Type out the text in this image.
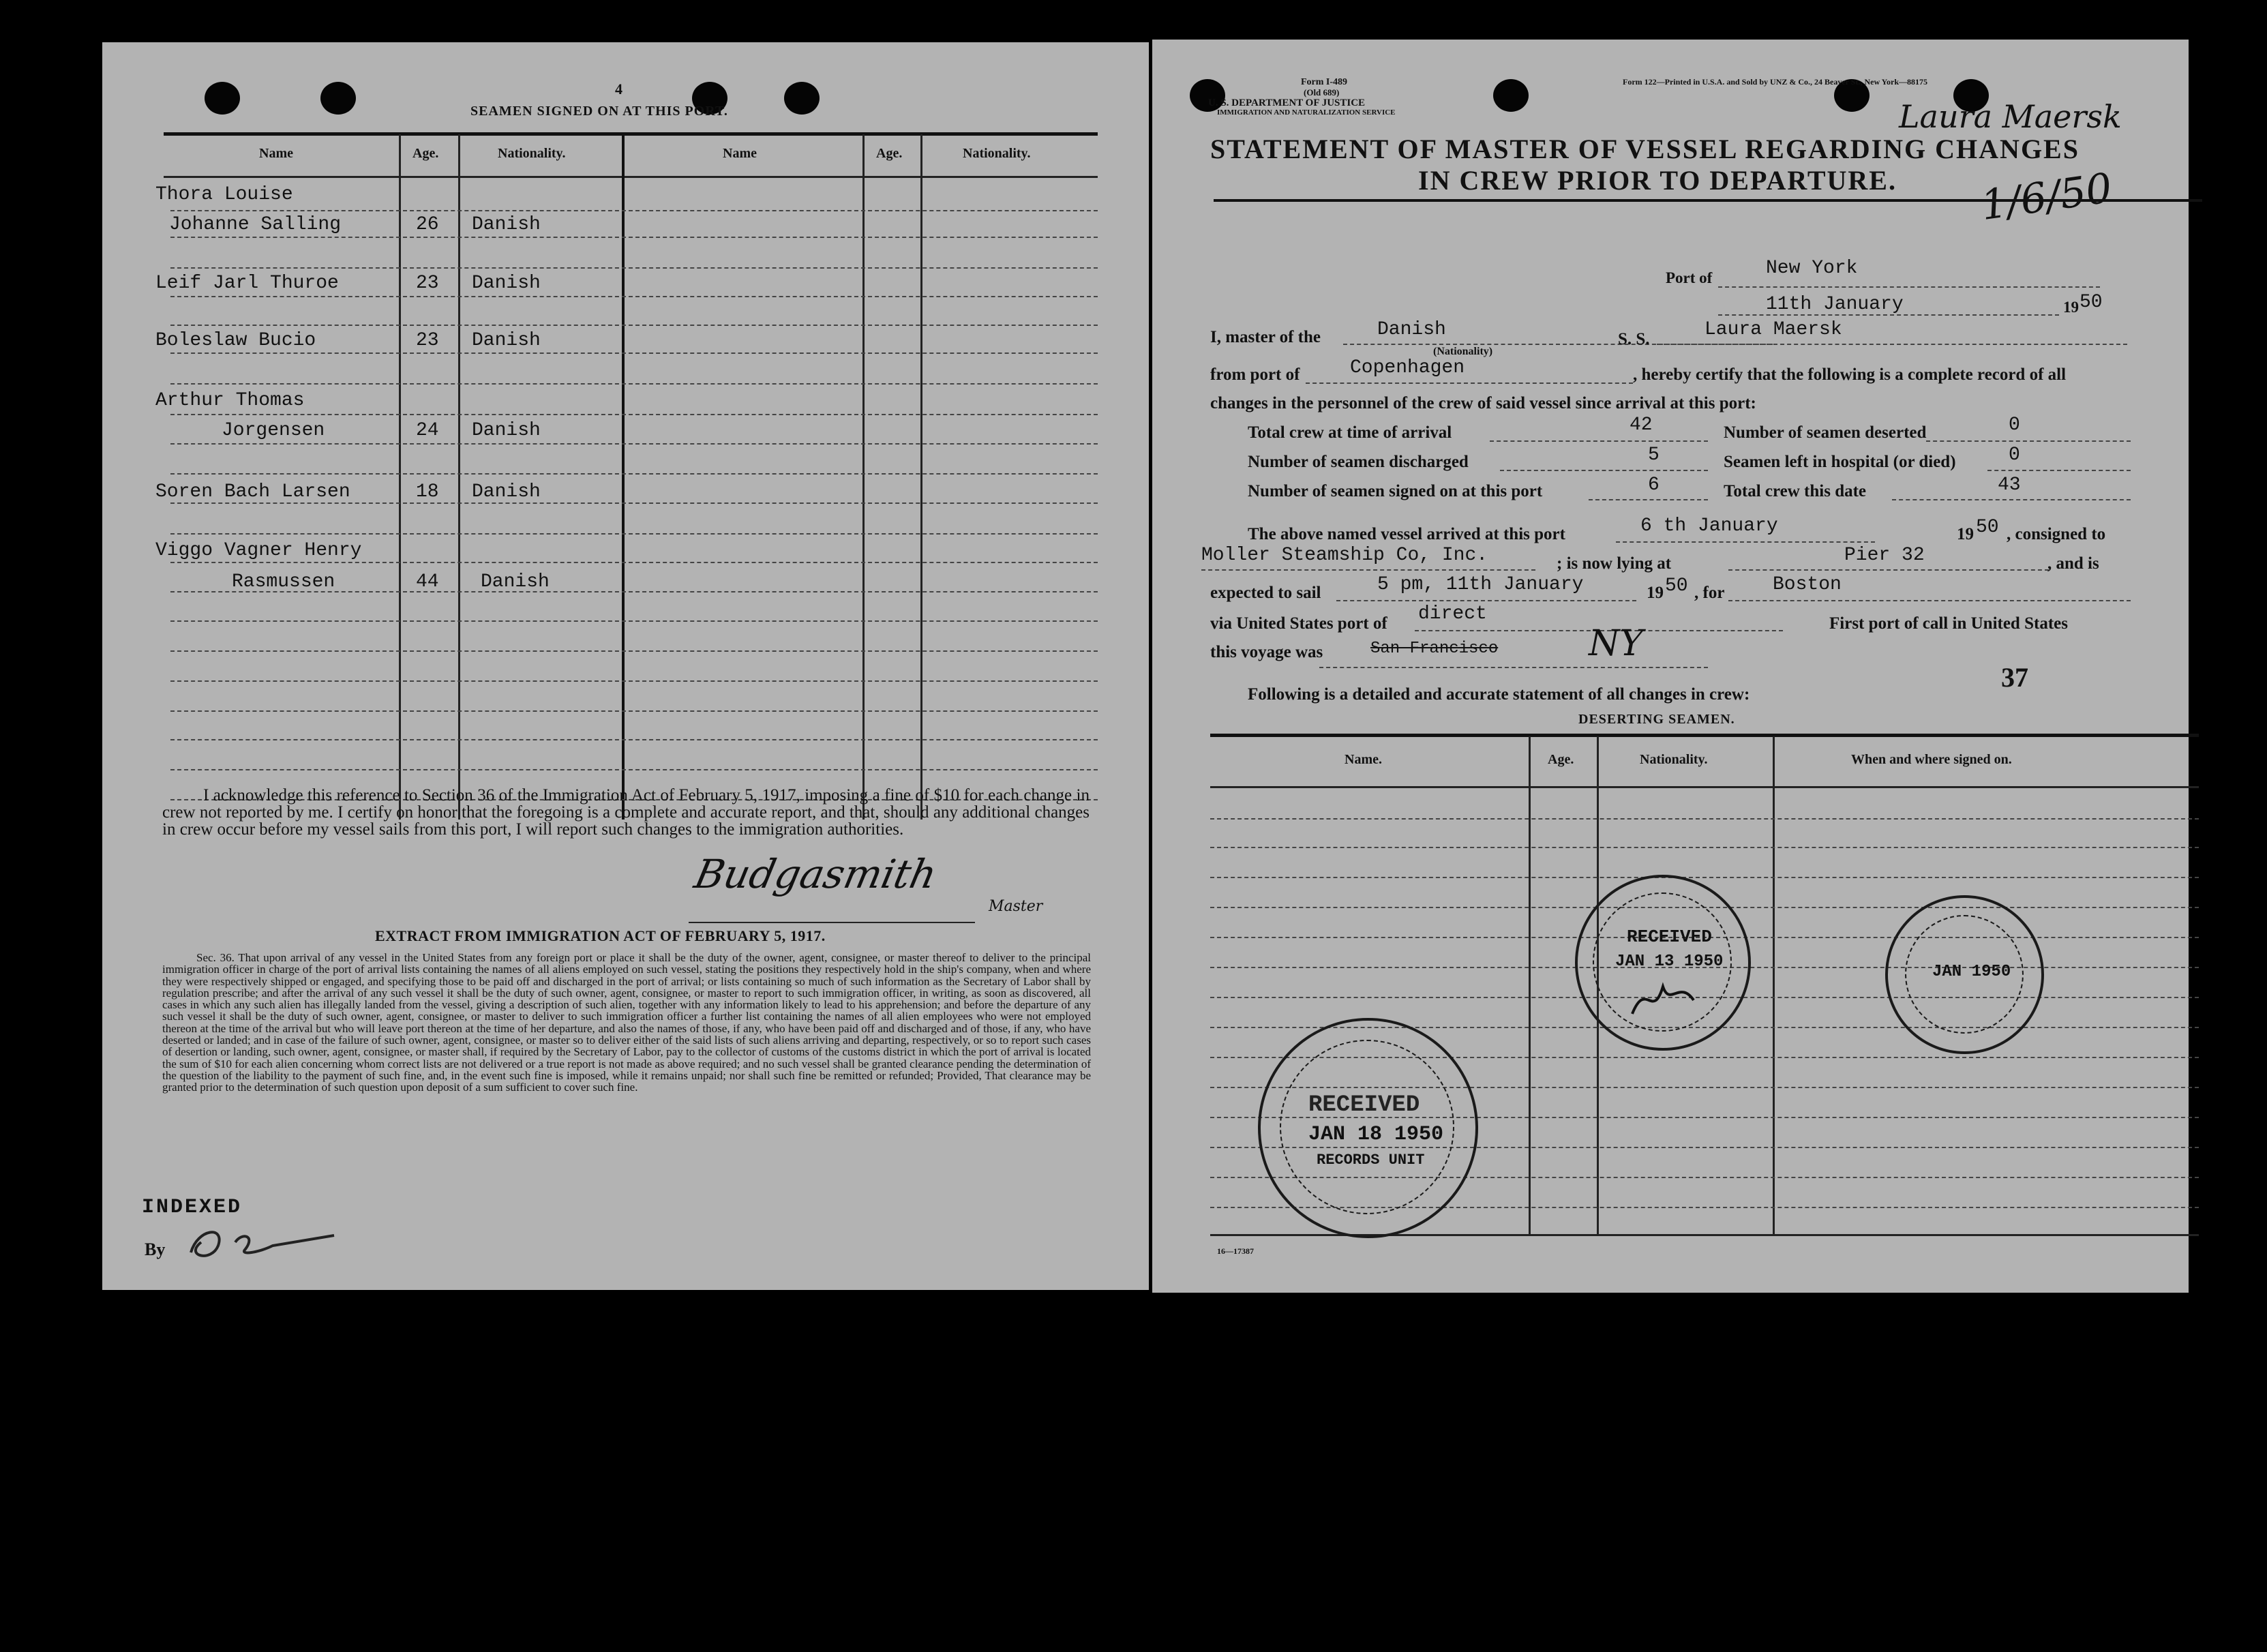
4
SEAMEN SIGNED ON AT THIS PORT.
Name	Age.	Nationality.	Name	Age.	Nationality.
Thora Louise
Johanne Salling	26 Danish
Leif Jarl Thuroe	23 Danish
Boleslaw Bucio	23 Danish
Arthur Thomas
Jorgensen	24 Danish
Soren Bach Larsen	18 Danish
Viggo Vagner Henry
Rasmussen	44 Danish

I acknowledge this reference to Section 36 of the Immigration Act of February 5, 1917, imposing a fine of $10 for each change in crew not reported by me. I certify on honor that the foregoing is a complete and accurate report, and that, should any additional changes in crew occur before my vessel sails from this port, I will report such changes to the immigration authorities.

Budgasmith
Master
EXTRACT FROM IMMIGRATION ACT OF FEBRUARY 5, 1917.

Sec. 36. That upon arrival of any vessel in the United States from any foreign port or place it shall be the duty of the owner, agent, consignee, or master thereof to deliver to the principal immigration officer in charge of the port of arrival lists containing the names of all aliens employed on such vessel, stating the positions they respectively hold in the ship's company, when and where they were respectively shipped or engaged, and specifying those to be paid off and discharged in the port of arrival; or lists containing so much of such information as the Secretary of Labor shall by regulation prescribe; and after the arrival of any such vessel it shall be the duty of such owner, agent, consignee, or master to report to such immigration officer, in writing, as soon as discovered, all cases in which any such alien has illegally landed from the vessel, giving a description of such alien, together with any information likely to lead to his apprehension; and before the departure of any such vessel it shall be the duty of such owner, agent, consignee, or master to deliver to such immigration officer a further list containing the names of all alien employees who were not employed thereon at the time of the arrival but who will leave port thereon at the time of her departure, and also the names of those, if any, who have been paid off and discharged and of those, if any, who have deserted or landed; and in case of the failure of such owner, agent, consignee, or master so to deliver either of the said lists of such aliens arriving and departing, respectively, or so to report such cases of desertion or landing, such owner, agent, consignee, or master shall, if required by the Secretary of Labor, pay to the collector of customs of the customs district in which the port of arrival is located the sum of $10 for each alien concerning whom correct lists are not delivered or a true report is not made as above required; and no such vessel shall be granted clearance pending the determination of the question of the liability to the payment of such fine, and, in the event such fine is imposed, while it remains unpaid; nor shall such fine be remitted or refunded; Provided, That clearance may be granted prior to the determination of such question upon deposit of a sum sufficient to cover such fine.

INDEXED
By
Form I-489
(Old 689)
U. S. DEPARTMENT OF JUSTICE
IMMIGRATION AND NATURALIZATION SERVICE
Form 122—Printed in U.S.A. and Sold by UNZ & Co., 24 Beaver St., New York—88175
Laura Maersk
1/6/50
STATEMENT OF MASTER OF VESSEL REGARDING CHANGES
IN CREW PRIOR TO DEPARTURE.
Port of	New York
11th January	19 50
I, master of the	Danish
(Nationality)
S. S.	Laura Maersk
from port of	Copenhagen	, hereby certify that the following is a complete record of all
changes in the personnel of the crew of said vessel since arrival at this port:
Total crew at time of arrival	42	Number of seamen deserted	0
Number of seamen discharged	5	Seamen left in hospital (or died)	0
Number of seamen signed on at this port	6	Total crew this date	43
The above named vessel arrived at this port	6 th January	19 50 , consigned to
Moller Steamship Co, Inc.	; is now lying at	Pier 32	, and is
expected to sail	5 pm, 11th January	19 50 , for	Boston
via United States port of direct	First port of call in United States
this voyage was	San Francisco	NY
37
Following is a detailed and accurate statement of all changes in crew:
DESERTING SEAMEN.
Name.	Age.	Nationality.	When and where signed on.
RECEIVED
JAN 13 1950
RECEIVED
JAN 18 1950
RECORDS UNIT
JAN 1950
16—17387
